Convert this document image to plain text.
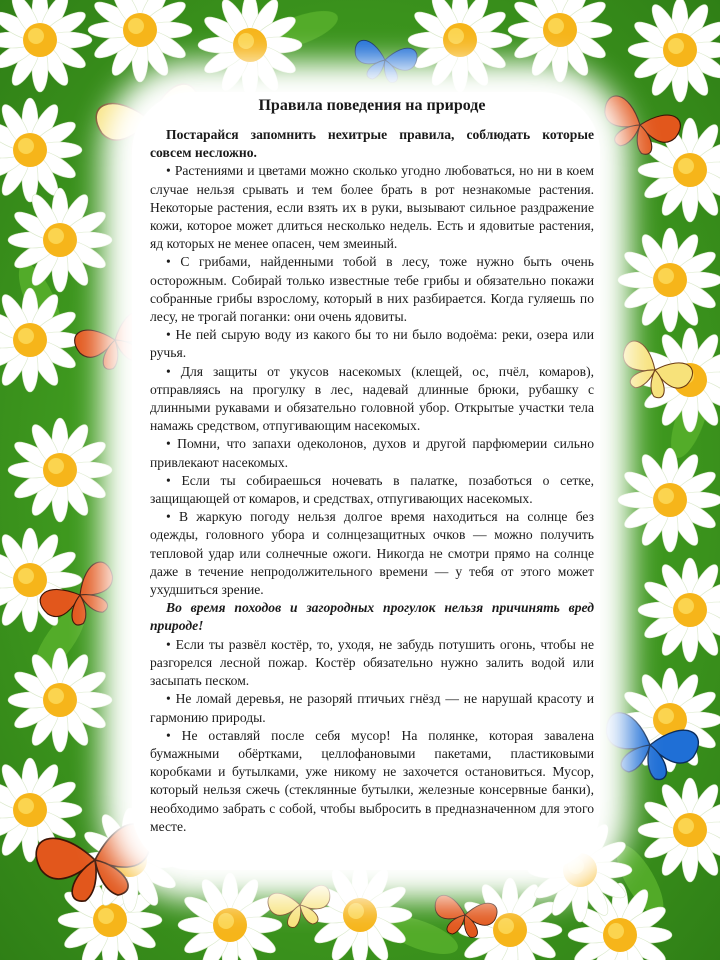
Правила поведения на природе

Постарайся запомнить нехитрые правила, соблюдать которые совсем несложно.

• Растениями и цветами можно сколько угодно любоваться, но ни в коем случае нельзя срывать и тем более брать в рот незнакомые растения. Некоторые растения, если взять их в руки, вызывают сильное раздражение кожи, которое может длиться несколько недель. Есть и ядовитые растения, яд которых не менее опасен, чем змеиный.

• С грибами, найденными тобой в лесу, тоже нужно быть очень осторожным. Собирай только известные тебе грибы и обязательно покажи собранные грибы взрослому, который в них разбирается. Когда гуляешь по лесу, не трогай поганки: они очень ядовиты.

• Не пей сырую воду из какого бы то ни было водоёма: реки, озера или ручья.

• Для защиты от укусов насекомых (клещей, ос, пчёл, комаров), отправляясь на прогулку в лес, надевай длинные брюки, рубашку с длинными рукавами и обязательно головной убор. Открытые участки тела намажь средством, отпугивающим насекомых.

• Помни, что запахи одеколонов, духов и другой парфюмерии сильно привлекают насекомых.

• Если ты собираешься ночевать в палатке, позаботься о сетке, защищающей от комаров, и средствах, отпугивающих насекомых.

• В жаркую погоду нельзя долгое время находиться на солнце без одежды, головного убора и солнцезащитных очков — можно получить тепловой удар или солнечные ожоги. Никогда не смотри прямо на солнце даже в течение непродолжительного времени — у тебя от этого может ухудшиться зрение.

Во время походов и загородных прогулок нельзя причинять вред природе!

• Если ты развёл костёр, то, уходя, не забудь потушить огонь, чтобы не разгорелся лесной пожар. Костёр обязательно нужно залить водой или засыпать песком.

• Не ломай деревья, не разоряй птичьих гнёзд — не нарушай красоту и гармонию природы.

• Не оставляй после себя мусор! На полянке, которая завалена бумажными обёртками, целлофановыми пакетами, пластиковыми коробками и бутылками, уже никому не захочется остановиться. Мусор, который нельзя сжечь (стеклянные бутылки, железные консервные банки), необходимо забрать с собой, чтобы выбросить в предназначенном для этого месте.
